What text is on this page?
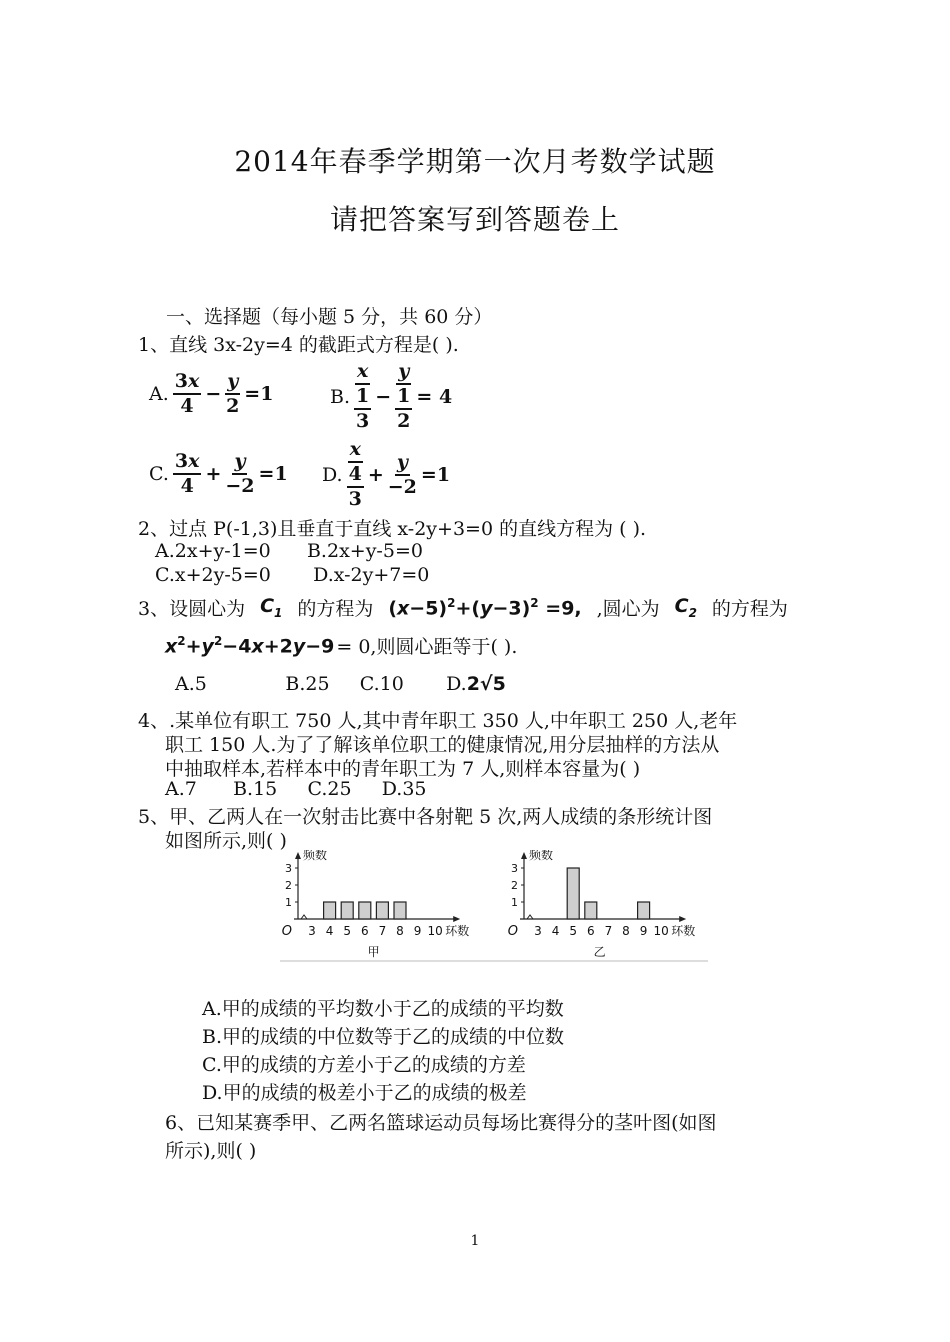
2014年春季学期第一次月考数学试题
请把答案写到答题卷上
一、选择题（每小题 5 分，共 60 分）
1、直线 3x-2y=4 的截距式方程是( ).
A. $\frac{3x}{4} - \frac{y}{2} =1$	B. $\frac{x}{\frac{1}{3}} - \frac{y}{\frac{1}{2}} = 4$
C. $\frac{3x}{4} + \frac{y}{-2} =1$ D. $\frac{x}{\frac{4}{3}} + \frac{y}{-2} =1$
2、过点 P(-1,3)且垂直于直线 x-2y+3=0 的直线方程为 ( ).
A.2x+y-1=0      B.2x+y-5=0
C.x+2y-5=0       D.x-2y+7=0
3、设圆心为 $C_1$ 的方程为 $(x-5)^2+(y-3)^2 =9$, ,圆心为 $C_2$ 的方程为
$x^2+y^2-4x+2y-9 = 0$,则圆心距等于( ).
A.5             B.25     C.10       D. 2√5
4、.某单位有职工 750 人,其中青年职工 350 人,中年职工 250 人,老年
职工 150 人.为了了解该单位职工的健康情况,用分层抽样的方法从
中抽取样本,若样本中的青年职工为 7 人,则样本容量为( )
A.7      B.15     C.25     D.35
5、甲、乙两人在一次射击比赛中各射靶 5 次,两人成绩的条形统计图
如图所示,则( )
频数
1
2
3
O 3 4 5 6 7 8 9 10 环数
甲
频数
1
2
3
O 3 4 5 6 7 8 9 10 环数
乙
A.甲的成绩的平均数小于乙的成绩的平均数
B.甲的成绩的中位数等于乙的成绩的中位数
C.甲的成绩的方差小于乙的成绩的方差
D.甲的成绩的极差小于乙的成绩的极差
6、已知某赛季甲、乙两名篮球运动员每场比赛得分的茎叶图(如图
所示),则( )
1
